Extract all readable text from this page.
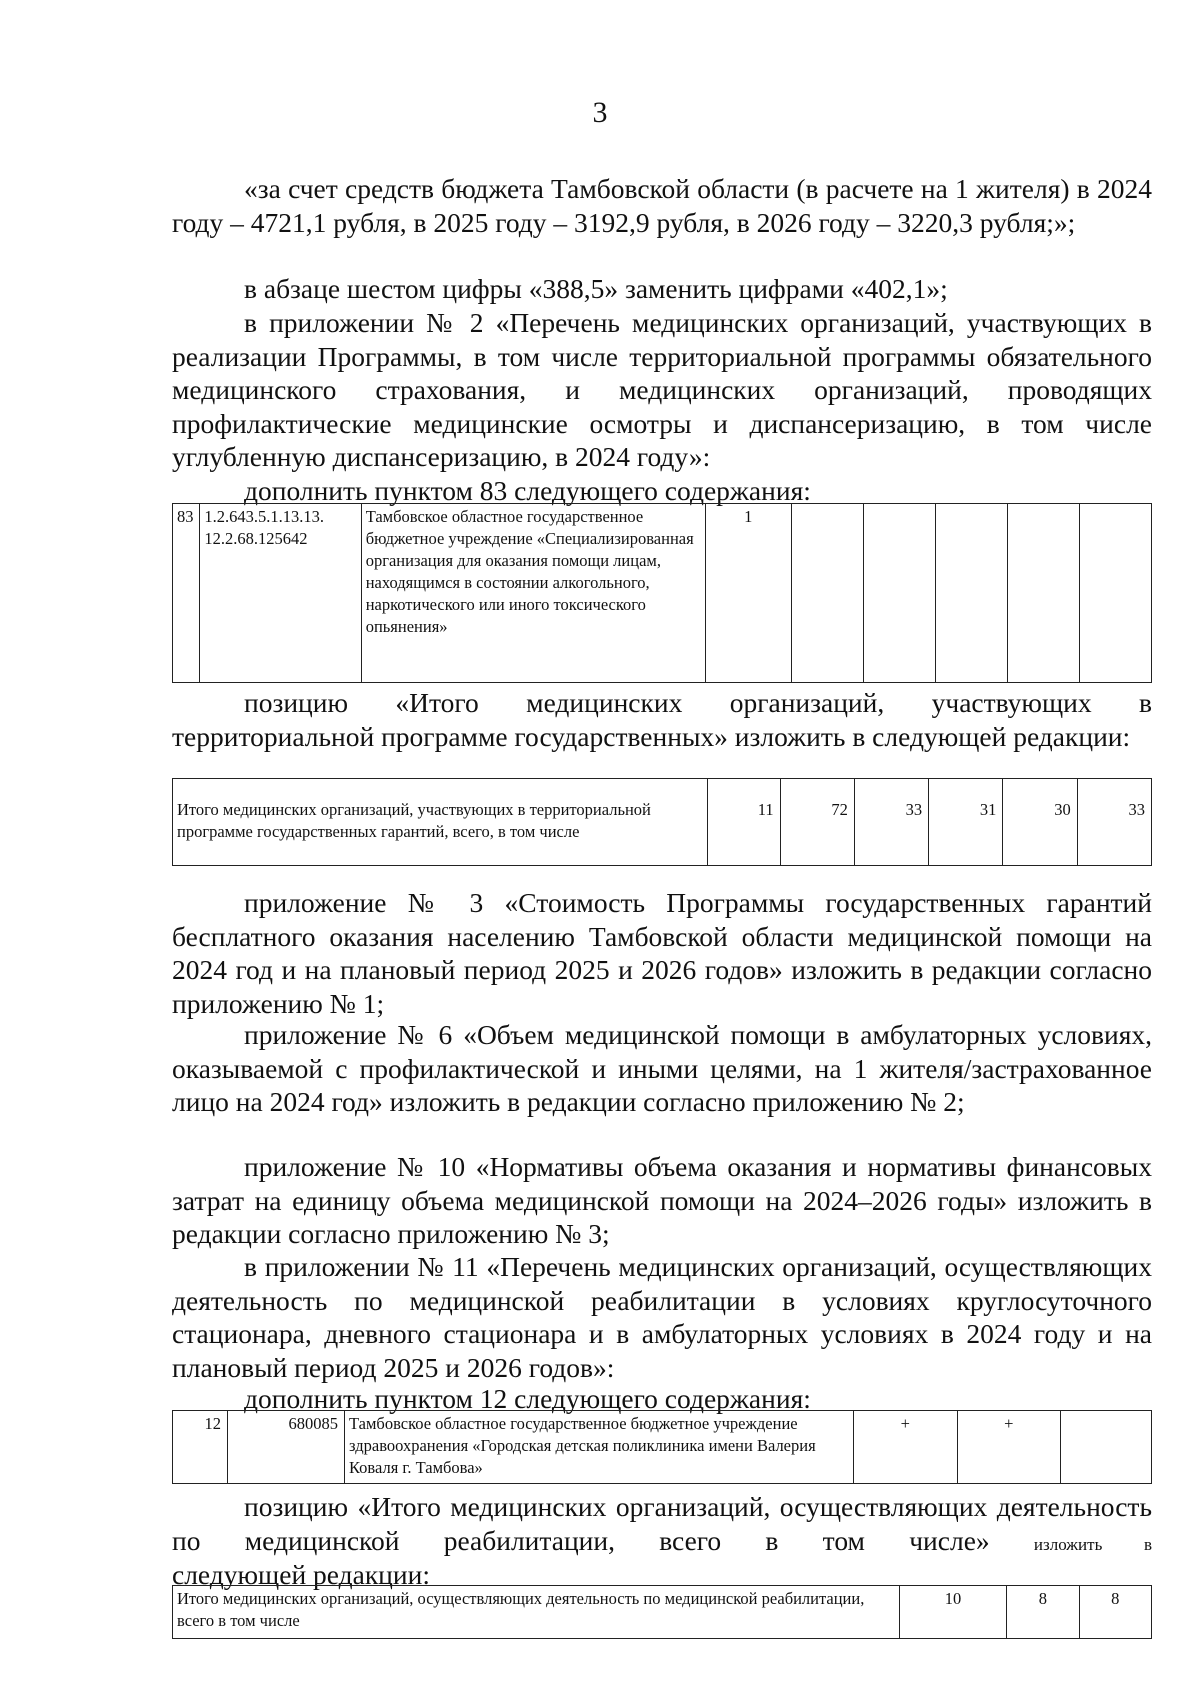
3

«за счет средств бюджета Тамбовской области (в расчете на 1 жителя) в 2024 году – 4721,1 рубля, в 2025 году – 3192,9 рубля, в 2026 году – 3220,3 рубля;»;

в абзаце шестом цифры «388,5» заменить цифрами «402,1»;

в приложении № 2 «Перечень медицинских организаций, участвующих в реализации Программы, в том числе территориальной программы обязательного медицинского страхования, и медицинских организаций, проводящих профилактические медицинские осмотры и диспансеризацию, в том числе углубленную диспансеризацию, в 2024 году»:

дополнить пунктом 83 следующего содержания:

83	1.2.643.5.1.13.13. 12.2.68.125642	Тамбовское областное государственное бюджетное учреждение «Специализированная организация для оказания помощи лицам, находящимся в состоянии алкогольного, наркотического или иного токсического опьянения»	1					

позицию «Итого медицинских организаций, участвующих в территориальной программе государственных» изложить в следующей редакции:

Итого медицинских организаций, участвующих в территориальной программе государственных гарантий, всего, в том числе	11	72	33	31	30	33

приложение № 3 «Стоимость Программы государственных гарантий бесплатного оказания населению Тамбовской области медицинской помощи на 2024 год и на плановый период 2025 и 2026 годов» изложить в редакции согласно приложению № 1;

приложение № 6 «Объем медицинской помощи в амбулаторных условиях, оказываемой с профилактической и иными целями, на 1 жителя/застрахованное лицо на 2024 год» изложить в редакции согласно приложению № 2;

приложение № 10 «Нормативы объема оказания и нормативы финансовых затрат на единицу объема медицинской помощи на 2024–2026 годы» изложить в редакции согласно приложению № 3;

в приложении № 11 «Перечень медицинских организаций, осуществляющих деятельность по медицинской реабилитации в условиях круглосуточного стационара, дневного стационара и в амбулаторных условиях в 2024 году и на плановый период 2025 и 2026 годов»:

дополнить пунктом 12 следующего содержания:

12	680085	Тамбовское областное государственное бюджетное учреждение здравоохранения «Городская детская поликлиника имени Валерия Коваля г. Тамбова»	+	+	

позицию «Итого медицинских организаций, осуществляющих деятельность по медицинской реабилитации, всего в том числе»	изложить в

следующей редакции:

Итого медицинских организаций, осуществляющих деятельность по медицинской реабилитации, всего в том числе	10	8	8
